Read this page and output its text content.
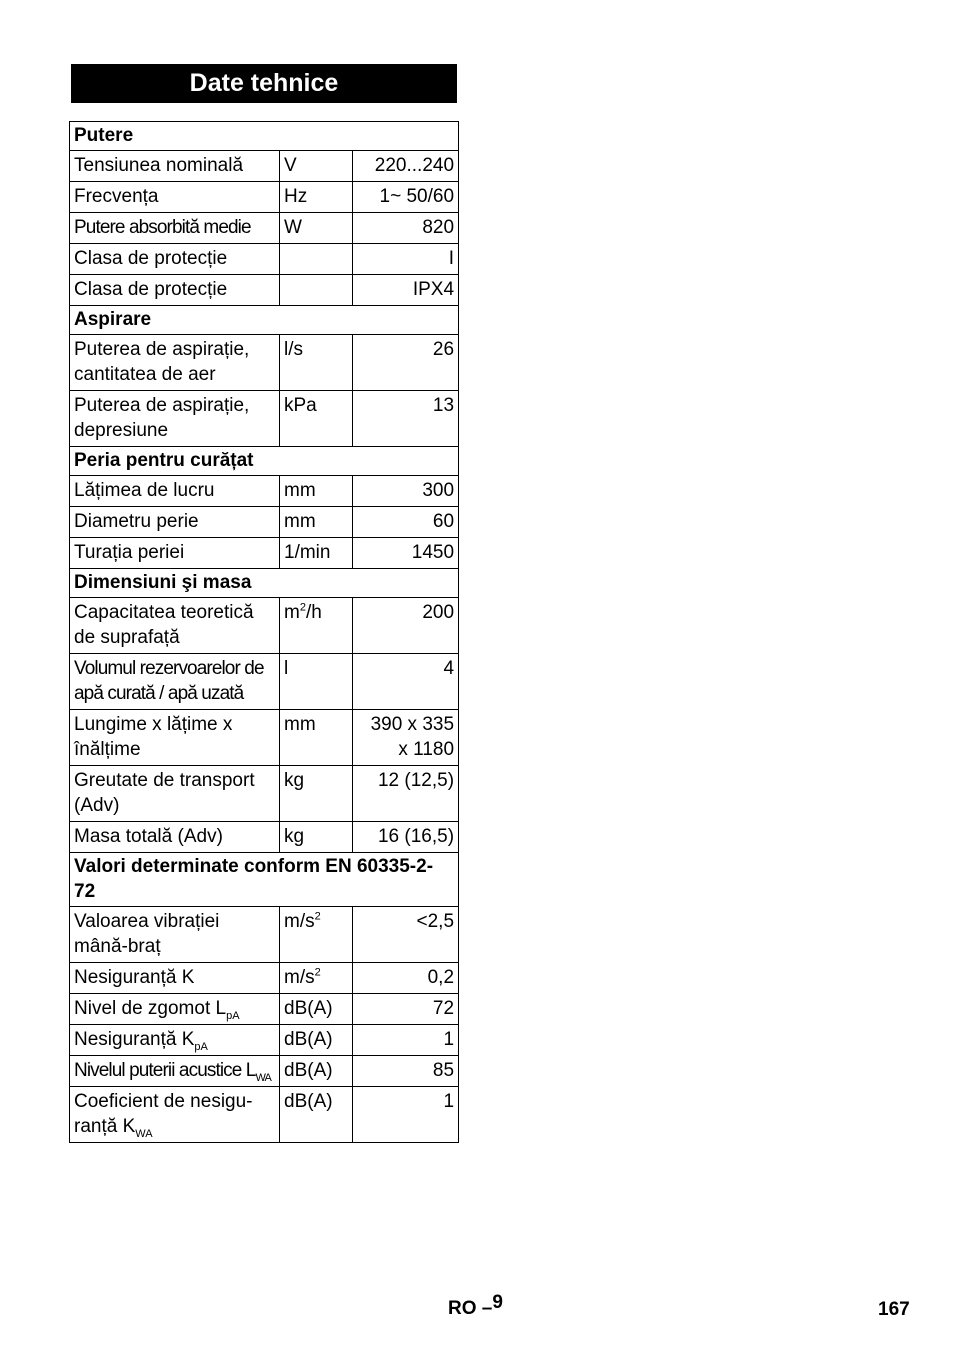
Date tehnice
Putere		
Tensiunea nominală	V	220...240
Frecvența	Hz	1~ 50/60
Putere absorbită medie	W	820
Clasa de protecție		I
Clasa de protecție		IPX4
Aspirare		
Puterea de aspirație, cantitatea de aer	l/s	26
Puterea de aspirație, depresiune	kPa	13
Peria pentru curățat		
Lățimea de lucru	mm	300
Diametru perie	mm	60
Turația periei	1/min	1450
Dimensiuni şi masa		
Capacitatea teoretică de suprafață	$m^2/h$	200
Volumul rezervoarelor de apă curată / apă uzată	l	4
Lungime x lățime x înălțime	mm	390 x 335 x 1180
Greutate de transport (Adv)	kg	12 (12,5)
Masa totală (Adv)	kg	16 (16,5)
Valori determinate conform EN 60335-2-72		
Valoarea vibrației mână-braț	$m/s^2$	<2,5
Nesiguranță K	$m/s^2$	0,2
Nivel de zgomot $L_{pA}$	dB(A)	72
Nesiguranță $K_{pA}$	dB(A)	1
Nivelul puterii acustice $L_{WA}$	dB(A)	85
Coeficient de nesigu-ranță $K_{WA}$	dB(A)	1
RO –$^9$	167
